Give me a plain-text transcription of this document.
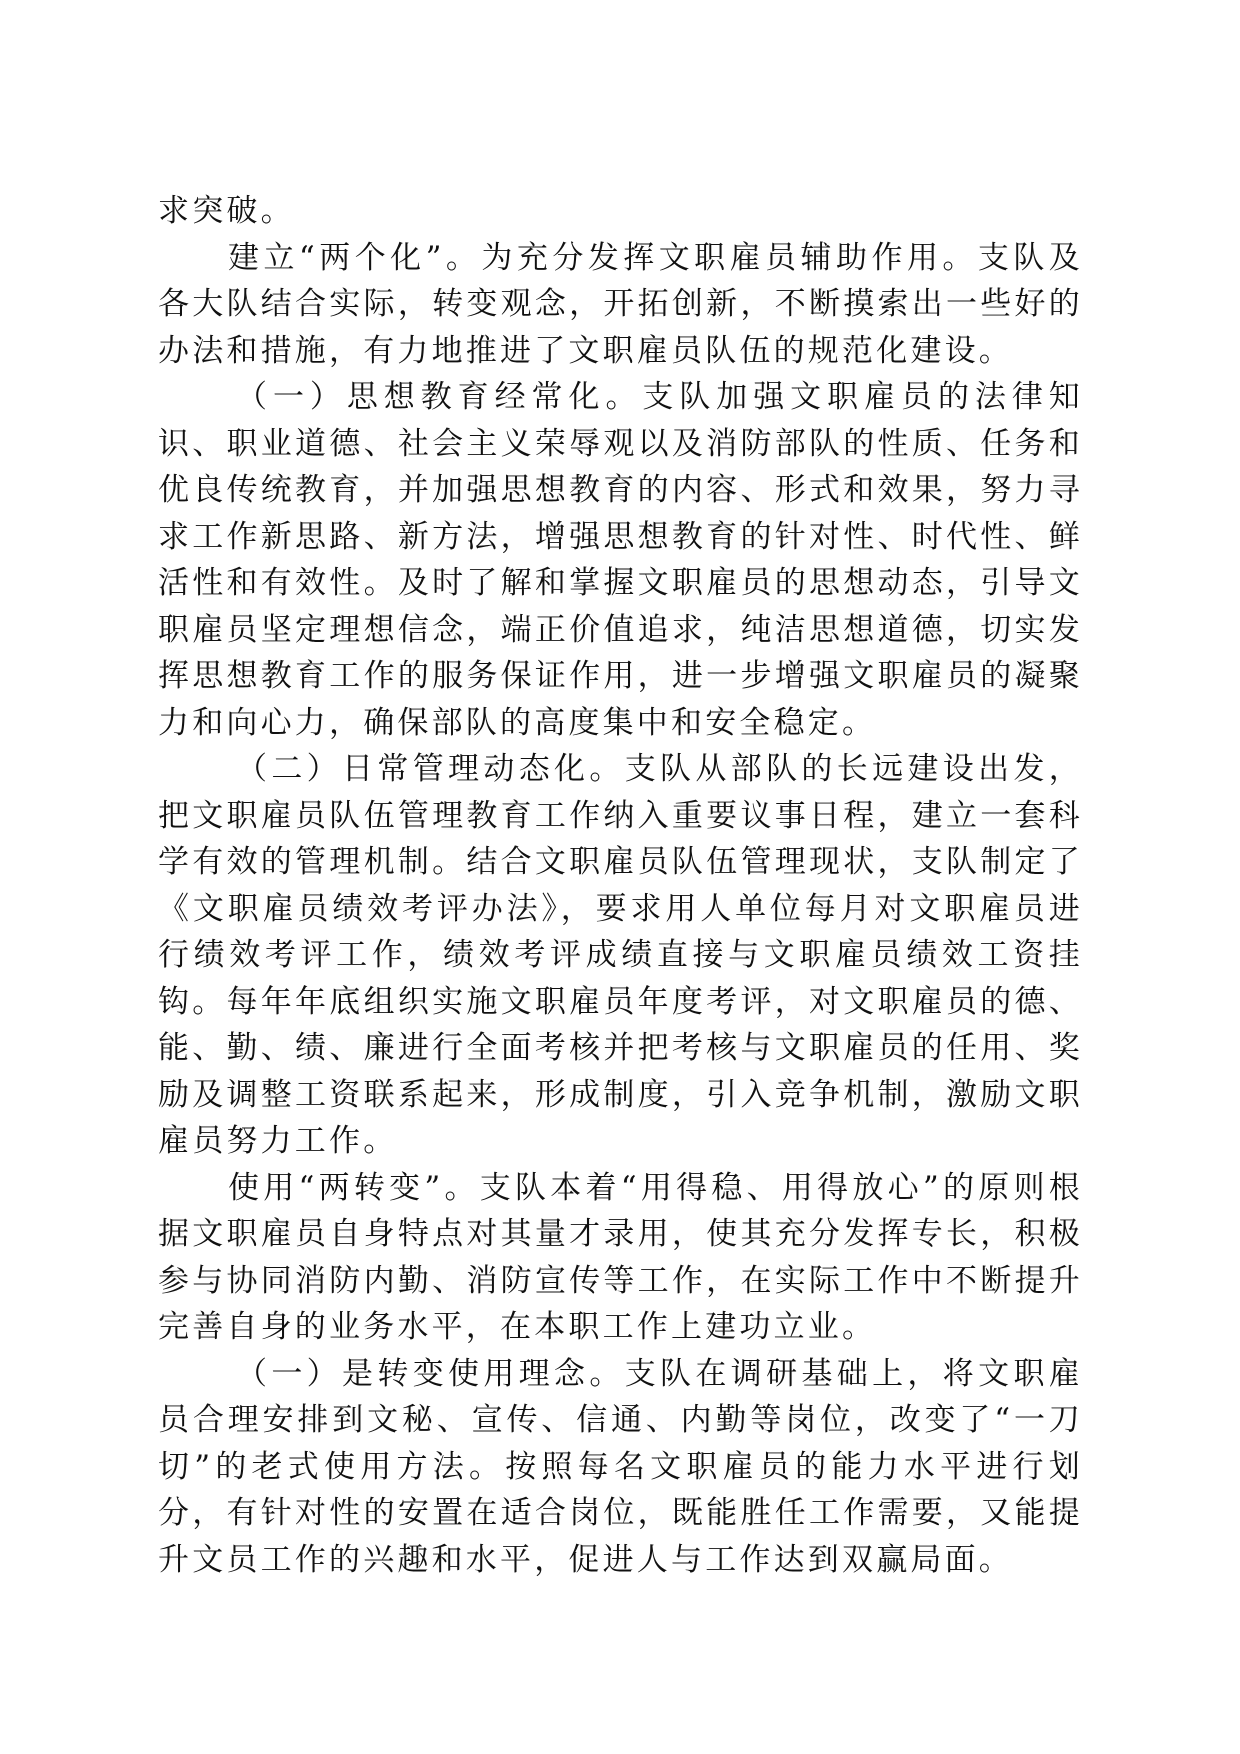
求突破。

建立“两个化”。为充分发挥文职雇员辅助作用。支队及各大队结合实际，转变观念，开拓创新，不断摸索出一些好的办法和措施，有力地推进了文职雇员队伍的规范化建设。

（一）思想教育经常化。支队加强文职雇员的法律知识、职业道德、社会主义荣辱观以及消防部队的性质、任务和优良传统教育，并加强思想教育的内容、形式和效果，努力寻求工作新思路、新方法，增强思想教育的针对性、时代性、鲜活性和有效性。及时了解和掌握文职雇员的思想动态，引导文职雇员坚定理想信念，端正价值追求，纯洁思想道德，切实发挥思想教育工作的服务保证作用，进一步增强文职雇员的凝聚力和向心力，确保部队的高度集中和安全稳定。

（二）日常管理动态化。支队从部队的长远建设出发，把文职雇员队伍管理教育工作纳入重要议事日程，建立一套科学有效的管理机制。结合文职雇员队伍管理现状，支队制定了《文职雇员绩效考评办法》，要求用人单位每月对文职雇员进行绩效考评工作，绩效考评成绩直接与文职雇员绩效工资挂钩。每年年底组织实施文职雇员年度考评，对文职雇员的德、能、勤、绩、廉进行全面考核并把考核与文职雇员的任用、奖励及调整工资联系起来，形成制度，引入竞争机制，激励文职雇员努力工作。

使用“两转变”。支队本着“用得稳、用得放心”的原则根据文职雇员自身特点对其量才录用，使其充分发挥专长，积极参与协同消防内勤、消防宣传等工作，在实际工作中不断提升完善自身的业务水平，在本职工作上建功立业。

（一）是转变使用理念。支队在调研基础上，将文职雇员合理安排到文秘、宣传、信通、内勤等岗位，改变了“一刀切”的老式使用方法。按照每名文职雇员的能力水平进行划分，有针对性的安置在适合岗位，既能胜任工作需要，又能提升文员工作的兴趣和水平，促进人与工作达到双赢局面。
